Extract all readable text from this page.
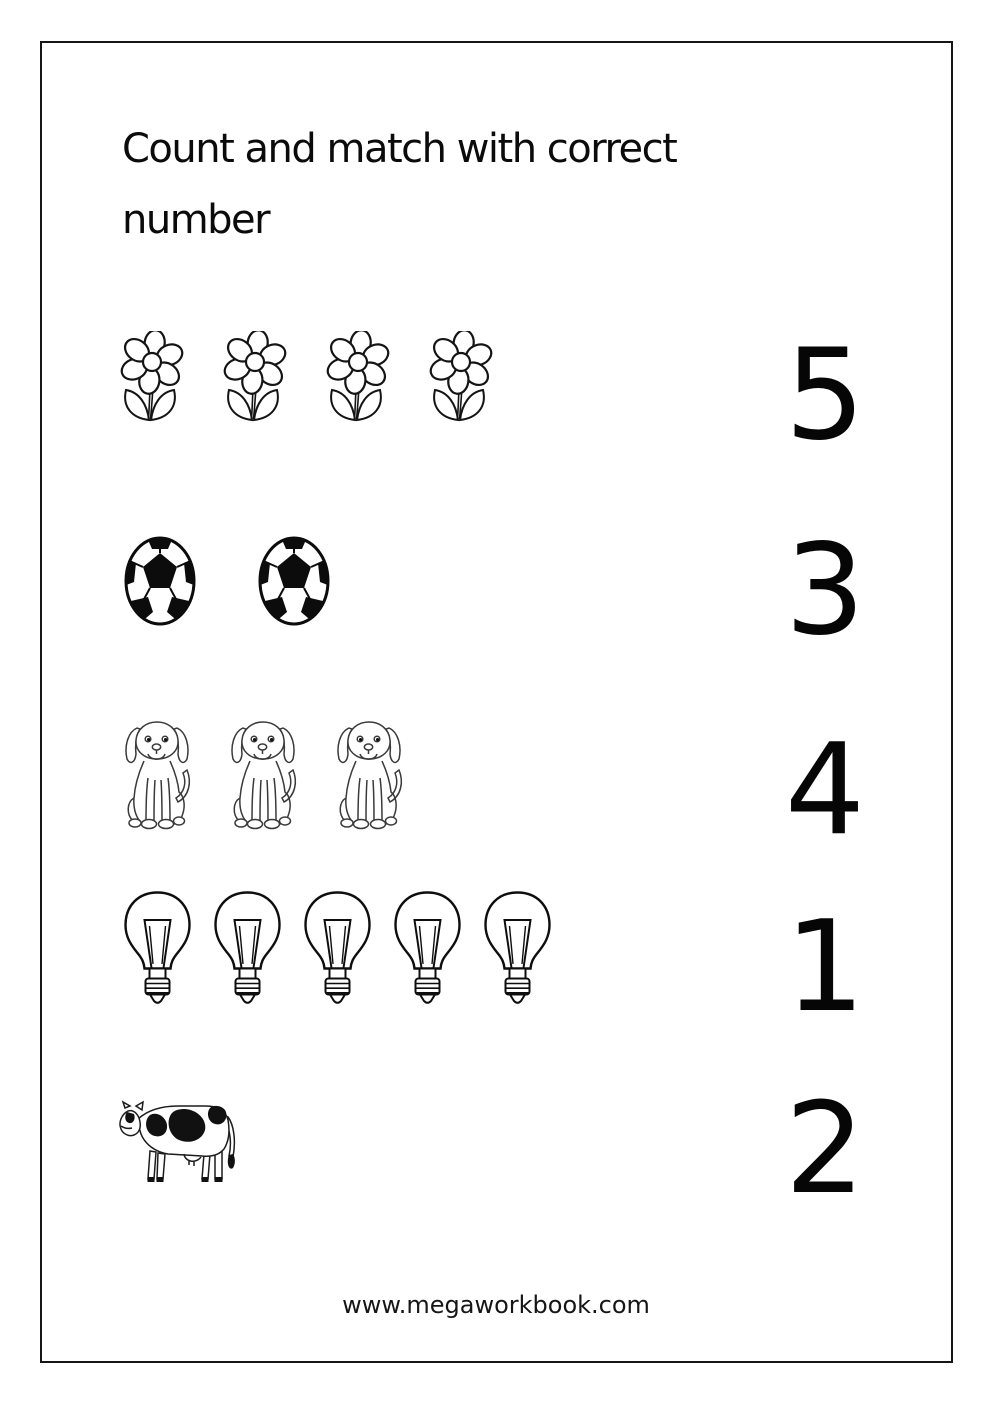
Count and match with correct
number
5
3
4
1
2
www.megaworkbook.com
